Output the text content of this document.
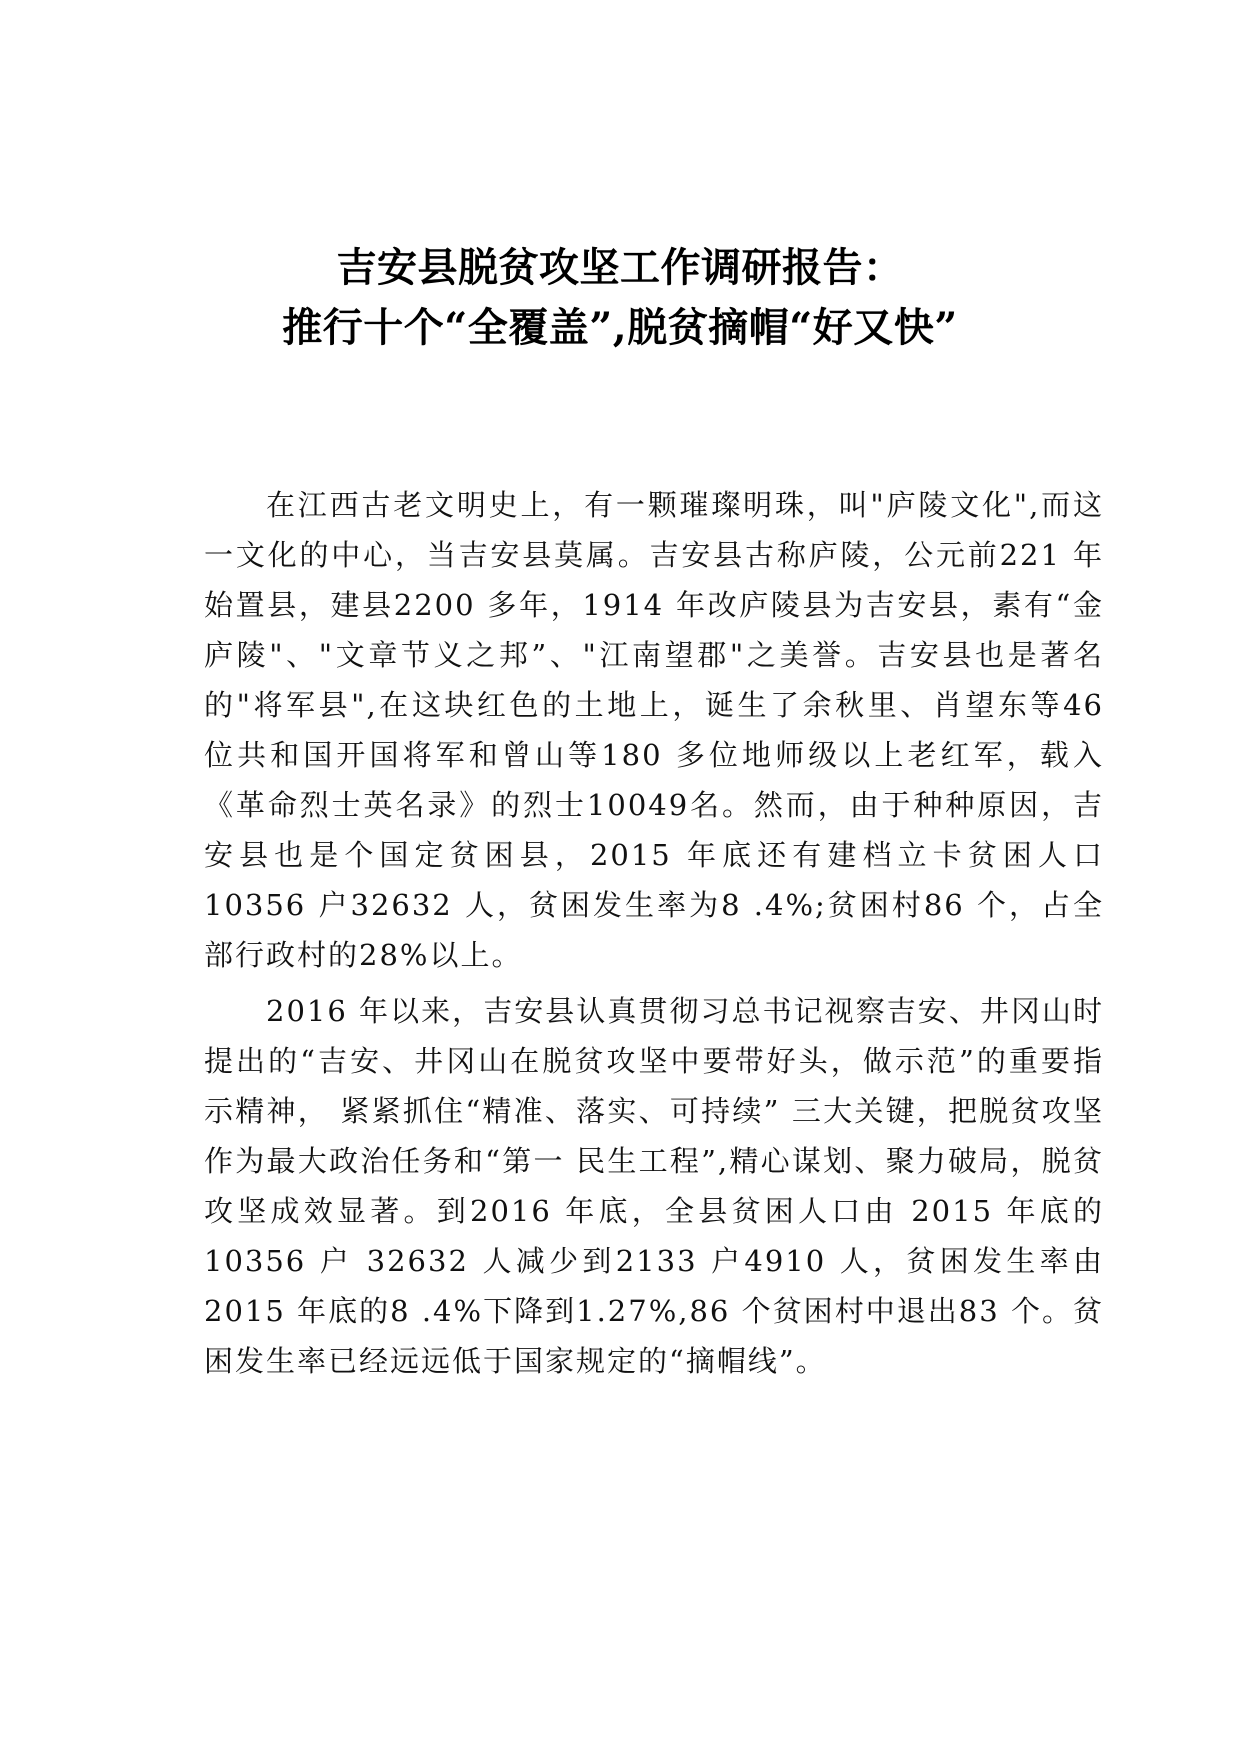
吉安县脱贫攻坚工作调研报告：
推行十个“全覆盖”,脱贫摘帽“好又快”

在江西古老文明史上，有一颗璀璨明珠，叫"庐陵文化",而这一文化的中心，当吉安县莫属。吉安县古称庐陵，公元前221 年始置县，建县2200 多年，1914 年改庐陵县为吉安县，素有“金庐陵"、"文章节义之邦”、"江南望郡"之美誉。吉安县也是著名的"将军县",在这块红色的土地上，诞生了余秋里、肖望东等46 位共和国开国将军和曾山等180 多位地师级以上老红军，载入《革命烈士英名录》的烈士10049名。然而，由于种种原因，吉安县也是个国定贫困县，2015 年底还有建档立卡贫困人口 10356 户32632 人，贫困发生率为8 .4%;贫困村86 个，占全部行政村的28%以上。

2016 年以来，吉安县认真贯彻习总书记视察吉安、井冈山时提出的“吉安、井冈山在脱贫攻坚中要带好头，做示范”的重要指示精神， 紧紧抓住“精准、落实、可持续” 三大关键，把脱贫攻坚作为最大政治任务和“第一 民生工程”,精心谋划、聚力破局，脱贫攻坚成效显著。到2016 年底，全县贫困人口由 2015 年底的 10356 户 32632 人减少到2133 户4910 人，贫困发生率由2015 年底的8 .4%下降到1.27%,86 个贫困村中退出83 个。贫困发生率已经远远低于国家规定的“摘帽线”。
